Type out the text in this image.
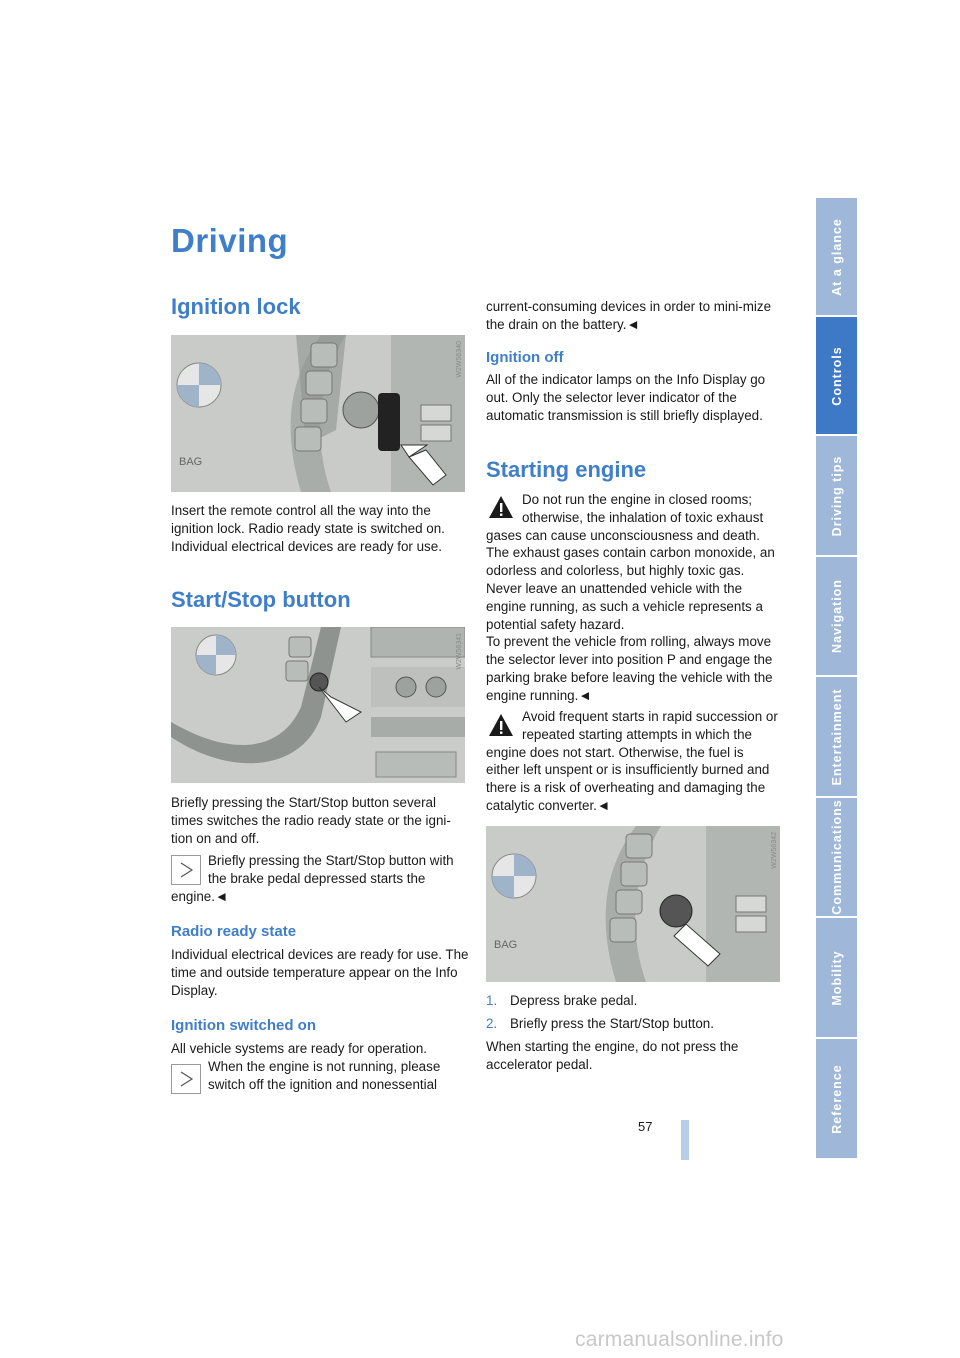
Driving
Ignition lock
BAG
W2W56340
Insert the remote control all the way into the ignition lock. Radio ready state is switched on. Individual electrical devices are ready for use.
Start/Stop button
W2W56341
Briefly pressing the Start/Stop button several times switches the radio ready state or the igni-tion on and off.
Briefly pressing the Start/Stop button with the brake pedal depressed starts the engine.◄
Radio ready state
Individual electrical devices are ready for use. The time and outside temperature appear on the Info Display.
Ignition switched on
All vehicle systems are ready for operation.
When the engine is not running, please switch off the ignition and nonessential
current-consuming devices in order to mini-mize the drain on the battery.◄
Ignition off
All of the indicator lamps on the Info Display go out. Only the selector lever indicator of the automatic transmission is still briefly displayed.
Starting engine
Do not run the engine in closed rooms; otherwise, the inhalation of toxic exhaust gases can cause unconsciousness and death. The exhaust gases contain carbon monoxide, an odorless and colorless, but highly toxic gas. Never leave an unattended vehicle with the engine running, as such a vehicle represents a potential safety hazard.
To prevent the vehicle from rolling, always move the selector lever into position P and engage the parking brake before leaving the vehicle with the engine running.◄
Avoid frequent starts in rapid succession or repeated starting attempts in which the engine does not start. Otherwise, the fuel is either left unspent or is insufficiently burned and there is a risk of overheating and damaging the catalytic converter.◄
BAG
W2W56342
1. Depress brake pedal.
2. Briefly press the Start/Stop button.
When starting the engine, do not press the accelerator pedal.
57
At a glance
Controls
Driving tips
Navigation
Entertainment
Communications
Mobility
Reference
carmanualsonline.info
